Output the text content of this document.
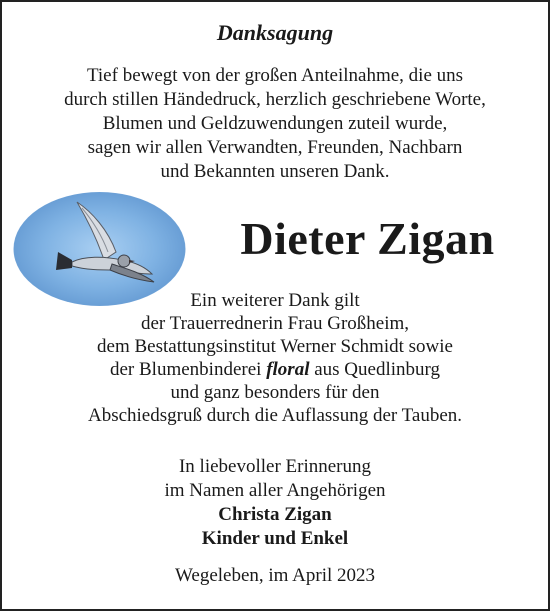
Danksagung
Tief bewegt von der großen Anteilnahme, die uns
durch stillen Händedruck, herzlich geschriebene Worte,
Blumen und Geldzuwendungen zuteil wurde,
sagen wir allen Verwandten, Freunden, Nachbarn
und Bekannten unseren Dank.
Dieter Zigan
Ein weiterer Dank gilt
der Trauerrednerin Frau Großheim,
dem Bestattungsinstitut Werner Schmidt sowie
der Blumenbinderei floral aus Quedlinburg
und ganz besonders für den
Abschiedsgruß durch die Auflassung der Tauben.
In liebevoller Erinnerung
im Namen aller Angehörigen
Christa Zigan
Kinder und Enkel
Wegeleben, im April 2023
